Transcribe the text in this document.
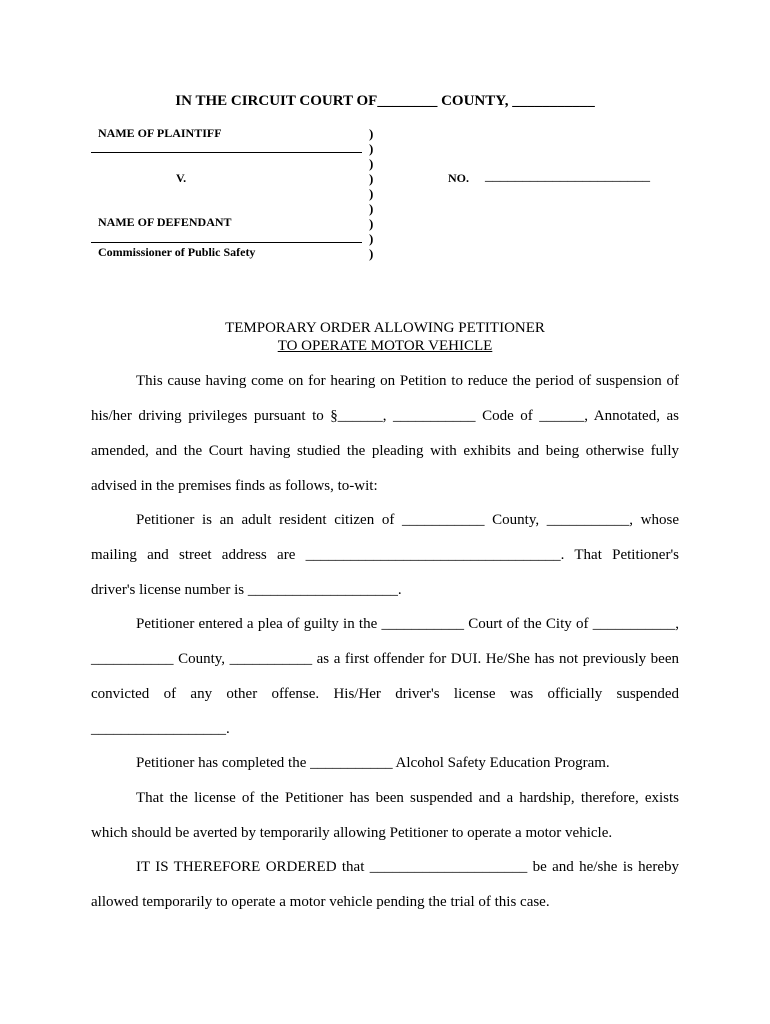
IN THE CIRCUIT COURT OF________ COUNTY, ___________
NAME OF PLAINTIFF
V.
NAME OF DEFENDANT
Commissioner of Public Safety
)
)
)
)
)
)
)
)
)
NO. ______________________
TEMPORARY ORDER ALLOWING PETITIONER
TO OPERATE MOTOR VEHICLE
This cause having come on for hearing on Petition to reduce the period of suspension of
his/her driving privileges pursuant to §______, ___________ Code of ______, Annotated, as
amended, and the Court having studied the pleading with exhibits and being otherwise fully
advised in the premises finds as follows, to-wit:
Petitioner is an adult resident citizen of ___________ County, ___________, whose
mailing and street address are __________________________________. That Petitioner's
driver's license number is ____________________.
Petitioner entered a plea of guilty in the ___________ Court of the City of ___________,
___________ County, ___________ as a first offender for DUI. He/She has not previously been
convicted of any other offense. His/Her driver's license was officially suspended
__________________.
Petitioner has completed the ___________ Alcohol Safety Education Program.
That the license of the Petitioner has been suspended and a hardship, therefore, exists
which should be averted by temporarily allowing Petitioner to operate a motor vehicle.
IT IS THEREFORE ORDERED that _____________________ be and he/she is hereby
allowed temporarily to operate a motor vehicle pending the trial of this case.
